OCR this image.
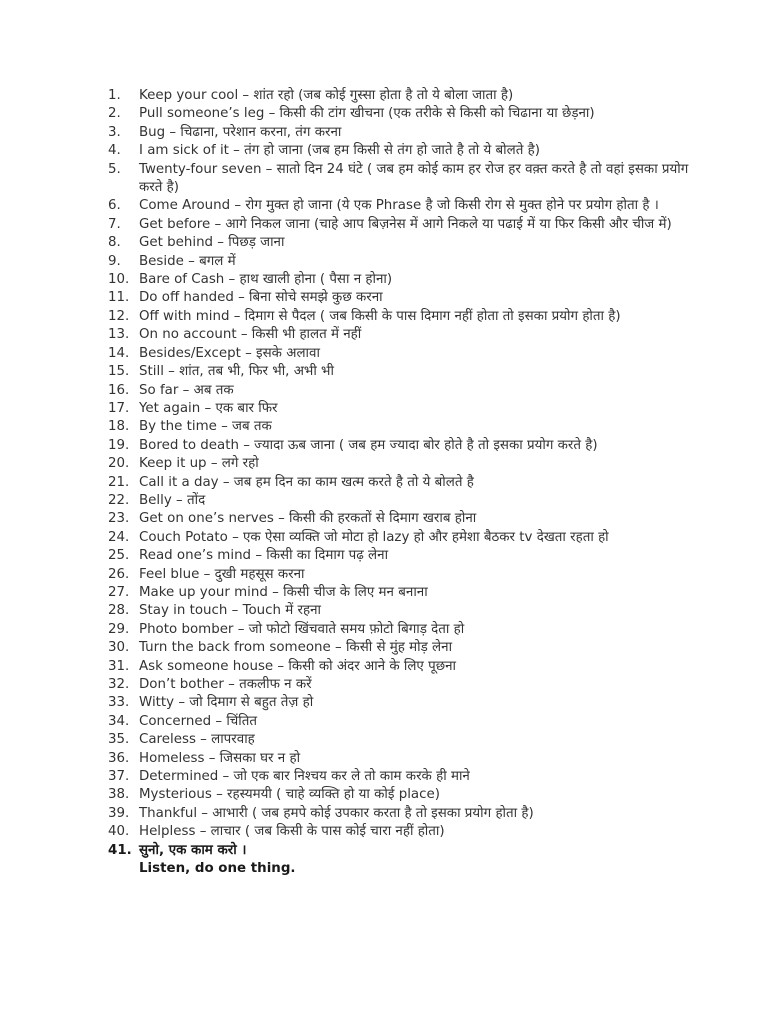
1.	Keep your cool – शांत रहो (जब कोई गुस्सा होता है तो ये बोला जाता है)
2.	Pull someone’s leg – किसी की टांग खीचना (एक तरीके से किसी को चिढाना या छेड़ना)
3.	Bug – चिढाना, परेशान करना, तंग करना
4.	I am sick of it – तंग हो जाना (जब हम किसी से तंग हो जाते है तो ये बोलते है)
5.	Twenty-four seven – सातो दिन 24 घंटे ( जब हम कोई काम हर रोज हर वक़्त करते है तो वहां इसका प्रयोग करते है)
6.	Come Around – रोग मुक्त हो जाना (ये एक Phrase है जो किसी रोग से मुक्त होने पर प्रयोग होता है ।
7.	Get before – आगे निकल जाना (चाहे आप बिज़नेस में आगे निकले या पढाई में या फिर किसी और चीज में)
8.	Get behind – पिछड़ जाना
9.	Beside – बगल में
10. Bare of Cash – हाथ खाली होना ( पैसा न होना)
11. Do off handed – बिना सोचे समझे कुछ करना
12. Off with mind – दिमाग से पैदल ( जब किसी के पास दिमाग नहीं होता तो इसका प्रयोग होता है)
13. On no account – किसी भी हालत में नहीं
14. Besides/Except – इसके अलावा
15. Still – शांत, तब भी, फिर भी, अभी भी
16. So far – अब तक
17. Yet again – एक बार फिर
18. By the time – जब तक
19. Bored to death – ज्यादा ऊब जाना ( जब हम ज्यादा बोर होते है तो इसका प्रयोग करते है)
20. Keep it up – लगे रहो
21. Call it a day – जब हम दिन का काम खत्म करते है तो ये बोलते है
22. Belly – तोंद
23. Get on one’s nerves – किसी की हरकतों से दिमाग खराब होना
24. Couch Potato – एक ऐसा व्यक्ति जो मोटा हो lazy हो और हमेशा बैठकर tv देखता रहता हो
25. Read one’s mind – किसी का दिमाग पढ़ लेना
26. Feel blue – दुखी महसूस करना
27. Make up your mind – किसी चीज के लिए मन बनाना
28. Stay in touch – Touch में रहना
29. Photo bomber – जो फोटो खिंचवाते समय फ़ोटो बिगाड़ देता हो
30. Turn the back from someone – किसी से मुंह मोड़ लेना
31. Ask someone house – किसी को अंदर आने के लिए पूछना
32. Don’t bother – तकलीफ न करें
33. Witty – जो दिमाग से बहुत तेज़ हो
34. Concerned – चिंतित
35. Careless – लापरवाह
36. Homeless – जिसका घर न हो
37. Determined – जो एक बार निश्चय कर ले तो काम करके ही माने
38. Mysterious – रहस्यमयी ( चाहे व्यक्ति हो या कोई place)
39. Thankful – आभारी ( जब हमपे कोई उपकार करता है तो इसका प्रयोग होता है)
40. Helpless – लाचार ( जब किसी के पास कोई चारा नहीं होता)
41. सुनो, एक काम करो ।
Listen, do one thing.
